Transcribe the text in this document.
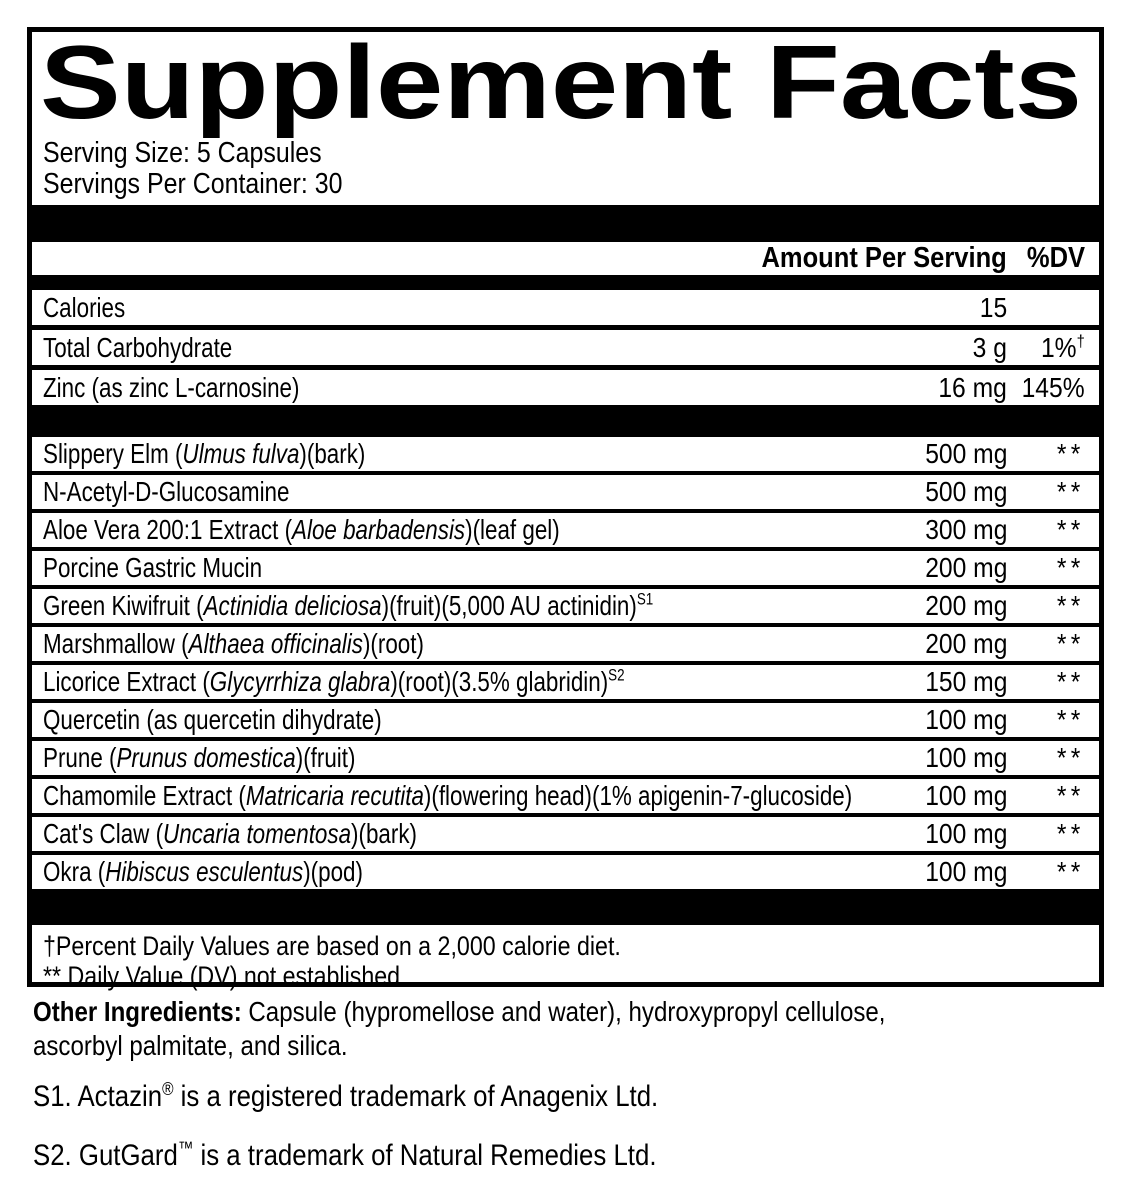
Supplement Facts
Serving Size: 5 Capsules
Servings Per Container: 30
Amount Per Serving %DV
Calories	15
Total Carbohydrate	3 g	1%†
Zinc (as zinc L-carnosine)	16 mg 145%
Slippery Elm (Ulmus fulva)(bark)	500 mg	**
N-Acetyl-D-Glucosamine	500 mg	**
Aloe Vera 200:1 Extract (Aloe barbadensis)(leaf gel)	300 mg	**
Porcine Gastric Mucin	200 mg	**
Green Kiwifruit (Actinidia deliciosa)(fruit)(5,000 AU actinidin)$^{S1}$	200 mg	**
Marshmallow (Althaea officinalis)(root)	200 mg	**
Licorice Extract (Glycyrrhiza glabra)(root)(3.5% glabridin)$^{S2}$	150 mg	**
Quercetin (as quercetin dihydrate)	100 mg	**
Prune (Prunus domestica)(fruit)	100 mg	**
Chamomile Extract (Matricaria recutita)(flowering head)(1% apigenin-7-glucoside)	100 mg	**
Cat's Claw (Uncaria tomentosa)(bark)	100 mg	**
Okra (Hibiscus esculentus)(pod)	100 mg	**
†Percent Daily Values are based on a 2,000 calorie diet.
** Daily Value (DV) not established.
Other Ingredients: Capsule (hypromellose and water), hydroxypropyl cellulose,
ascorbyl palmitate, and silica.
S1. Actazin® is a registered trademark of Anagenix Ltd.
S2. GutGard™ is a trademark of Natural Remedies Ltd.
